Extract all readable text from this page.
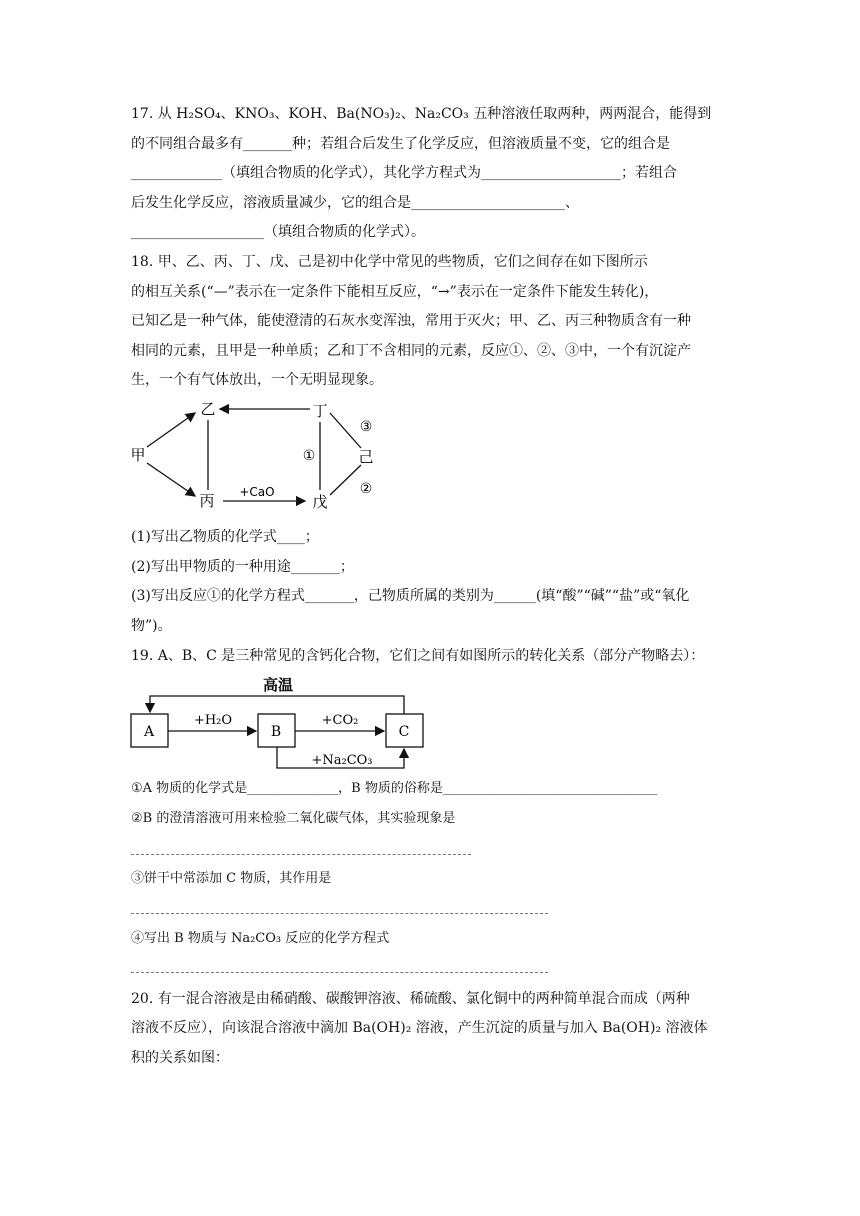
17. 从 H₂SO₄、KNO₃、KOH、Ba(NO₃)₂、Na₂CO₃ 五种溶液任取两种，两两混合，能得到
的不同组合最多有_______种；若组合后发生了化学反应，但溶液质量不变，它的组合是
_____________（填组合物质的化学式），其化学方程式为____________________；若组合
后发生化学反应，溶液质量减少，它的组合是______________________、
___________________（填组合物质的化学式）。
18. 甲、乙、丙、丁、戊、己是初中化学中常见的些物质，它们之间存在如下图所示
的相互关系(“—”表示在一定条件下能相互反应，“→”表示在一定条件下能发生转化)，
已知乙是一种气体，能使澄清的石灰水变浑浊，常用于灭火；甲、乙、丙三种物质含有一种
相同的元素，且甲是一种单质；乙和丁不含相同的元素，反应①、②、③中，一个有沉淀产
生，一个有气体放出，一个无明显现象。
甲
乙
丙
丁
戊
己
①
②
③
+CaO
(1)写出乙物质的化学式____；
(2)写出甲物质的一种用途_______；
(3)写出反应①的化学方程式_______，己物质所属的类别为______(填“酸”“碱”“盐”或“氧化
物”)。
19. A、B、C 是三种常见的含钙化合物，它们之间有如图所示的转化关系（部分产物略去）：
高温
A	B	C
+H₂O	+CO₂
+Na₂CO₃
①A 物质的化学式是______________，B 物质的俗称是_________________________________
②B 的澄清溶液可用来检验二氧化碳气体，其实验现象是
③饼干中常添加 C 物质，其作用是
④写出 B 物质与 Na₂CO₃ 反应的化学方程式
20. 有一混合溶液是由稀硝酸、碳酸钾溶液、稀硫酸、氯化铜中的两种简单混合而成（两种
溶液不反应），向该混合溶液中滴加 Ba(OH)₂ 溶液，产生沉淀的质量与加入 Ba(OH)₂ 溶液体
积的关系如图：
